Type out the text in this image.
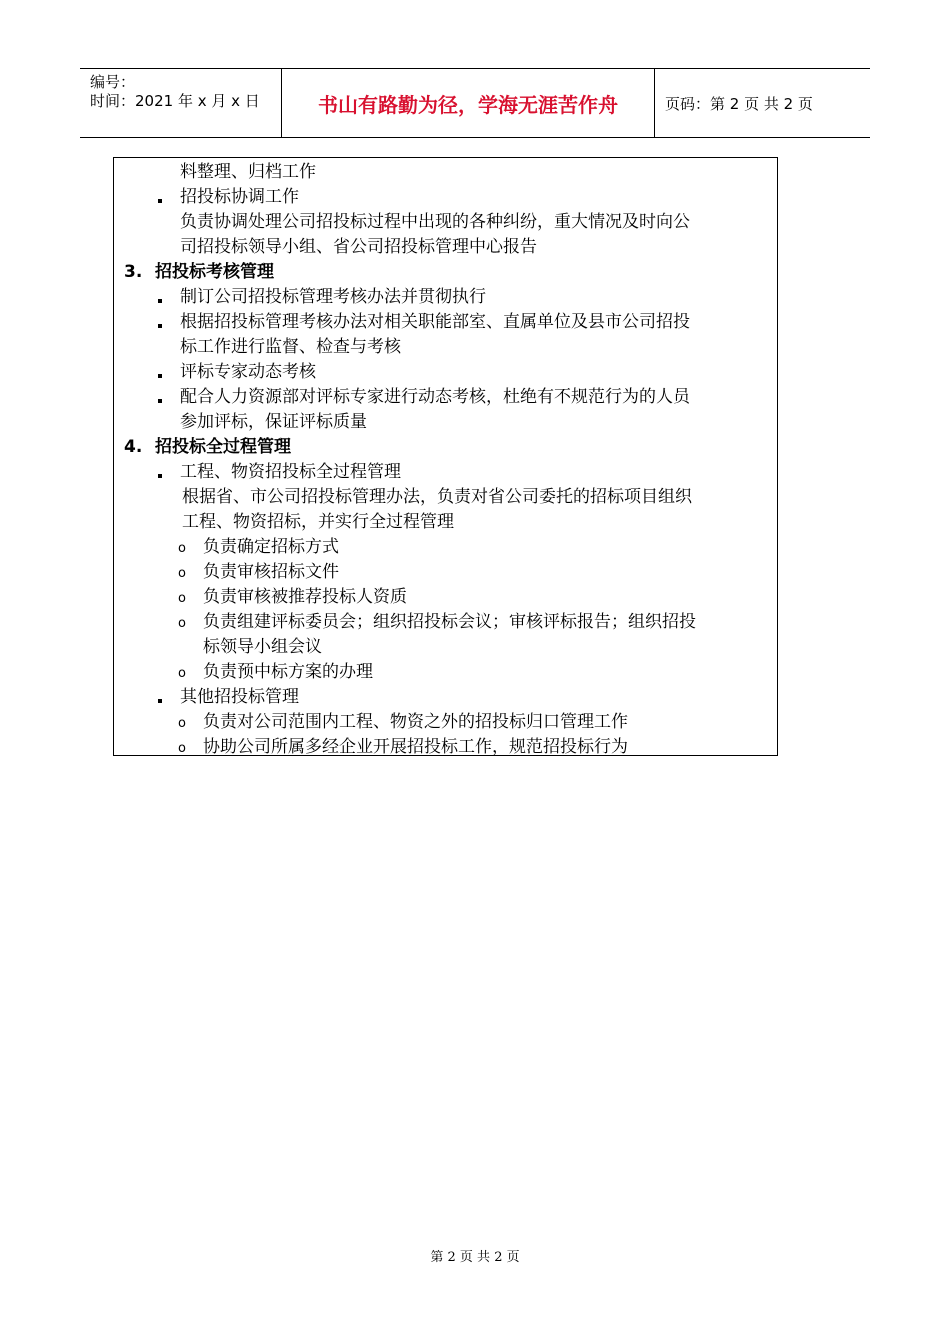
编号：
时间：2021 年 x 月 x 日	书山有路勤为径，学海无涯苦作舟	页码：第 2 页 共 2 页
料整理、归档工作
招投标协调工作
负责协调处理公司招投标过程中出现的各种纠纷，重大情况及时向公
司招投标领导小组、省公司招投标管理中心报告
3. 招投标考核管理
制订公司招投标管理考核办法并贯彻执行
根据招投标管理考核办法对相关职能部室、直属单位及县市公司招投
标工作进行监督、检查与考核
评标专家动态考核
配合人力资源部对评标专家进行动态考核，杜绝有不规范行为的人员
参加评标，保证评标质量
4. 招投标全过程管理
工程、物资招投标全过程管理
根据省、市公司招投标管理办法，负责对省公司委托的招标项目组织
工程、物资招标，并实行全过程管理
o 负责确定招标方式
o 负责审核招标文件
o 负责审核被推荐投标人资质
o 负责组建评标委员会；组织招投标会议；审核评标报告；组织招投
标领导小组会议
o 负责预中标方案的办理
其他招投标管理
o 负责对公司范围内工程、物资之外的招投标归口管理工作
o 协助公司所属多经企业开展招投标工作，规范招投标行为
第 2 页 共 2 页
